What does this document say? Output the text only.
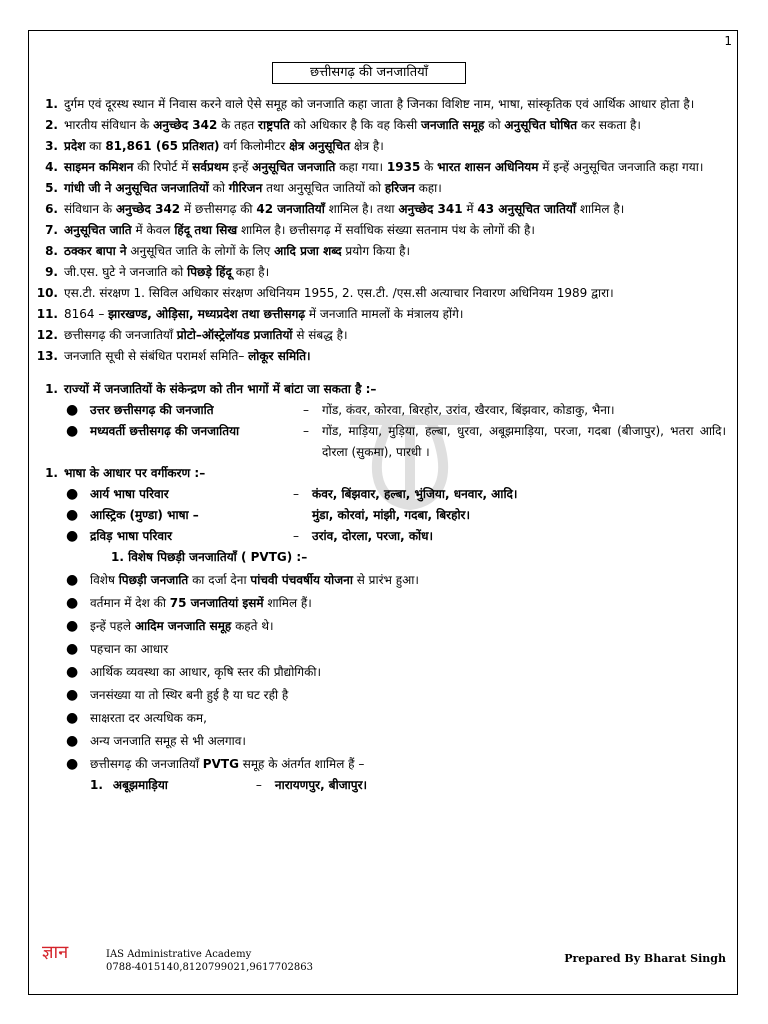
1
छत्तीसगढ़ की जनजातियाँ
1. दुर्गम एवं दूरस्थ स्थान में निवास करने वाले ऐसे समूह को जनजाति कहा जाता है जिनका विशिष्ट नाम, भाषा, सांस्कृतिक एवं आर्थिक आधार होता है।
2. भारतीय संविधान के अनुच्छेद 342 के तहत राष्ट्रपति को अधिकार है कि वह किसी जनजाति समूह को अनुसूचित घोषित कर सकता है।
3. प्रदेश का 81,861 (65 प्रतिशत) वर्ग किलोमीटर क्षेत्र अनुसूचित क्षेत्र है।
4. साइमन कमिशन की रिपोर्ट में सर्वप्रथम इन्हें अनुसूचित जनजाति कहा गया। 1935 के भारत शासन अधिनियम में इन्हें अनुसूचित जनजाति कहा गया।
5. गांधी जी ने अनुसूचित जनजातियों को गीरिजन तथा अनुसूचित जातियों को हरिजन कहा।
6. संविधान के अनुच्छेद 342 में छत्तीसगढ़ की 42 जनजातियाँ शामिल है। तथा अनुच्छेद 341 में 43 अनुसूचित जातियाँ शामिल है।
7. अनुसूचित जाति में केवल हिंदू तथा सिख शामिल है। छत्तीसगढ़ में सर्वाधिक संख्या सतनाम पंथ के लोगों की है।
8. ठक्कर बापा ने अनुसूचित जाति के लोगों के लिए आदि प्रजा शब्द प्रयोग किया है।
9. जी.एस. घुटे ने जनजाति को पिछड़े हिंदू कहा है।
10. एस.टी. संरक्षण 1. सिविल अधिकार संरक्षण अधिनियम 1955, 2. एस.टी. /एस.सी अत्याचार निवारण अधिनियम 1989 द्वारा।
11. 8164 – झारखण्ड, ओड़िसा, मध्यप्रदेश तथा छत्तीसगढ़ में जनजाति मामलों के मंत्रालय होंगे।
12. छत्तीसगढ़ की जनजातियाँ प्रोटो–ऑस्ट्रेलॉयड प्रजातियों से संबद्ध है।
13. जनजाति सूची से संबंधित परामर्श समिति– लोकूर समिति।
1. राज्यों में जनजातियों के संकेन्द्रण को तीन भागों में बांटा जा सकता है :–
● उत्तर छत्तीसगढ़ की जनजाति	–	गोंड, कंवर, कोरवा, बिरहोर, उरांव, खैरवार, बिंझवार, कोडाकु, भैना।
● मध्यवर्ती छत्तीसगढ़ की जनजातिया	–	गोंड, माड़िया, मुड़िया, हल्बा, धुरवा, अबूझमाड़िया, परजा, गदबा (बीजापुर), भतरा आदि। दोरला (सुकमा), पारधी ।
1. भाषा के आधार पर वर्गीकरण :–
● आर्य भाषा परिवार	–	कंवर, बिंझवार, हल्बा, भुंजिया, धनवार, आदि।
● आस्ट्रिक (मुण्डा) भाषा –	मुंडा, कोरवां, मांझी, गदबा, बिरहोर।
● द्रविड़ भाषा परिवार	–	उरांव, दोरला, परजा, कोंध।
1. विशेष पिछड़ी जनजातियाँ ( PVTG) :–
● विशेष पिछड़ी जनजाति का दर्जा देना पांचवी पंचवर्षीय योजना से प्रारंभ हुआ।
● वर्तमान में देश की 75 जनजातियां इसमें शामिल हैं।
● इन्हें पहले आदिम जनजाति समूह कहते थे।
● पहचान का आधार
● आर्थिक व्यवस्था का आधार, कृषि स्तर की प्रौद्योगिकी।
● जनसंख्या या तो स्थिर बनी हुई है या घट रही है
● साक्षरता दर अत्यधिक कम,
● अन्य जनजाति समूह से भी अलगाव।
● छत्तीसगढ़ की जनजातियाँ PVTG समूह के अंतर्गत शामिल हैं –
1. अबूझमाड़िया	–	नारायणपुर, बीजापुर।
ज्ञान	IAS Administrative Academy
0788-4015140,8120799021,9617702863
Prepared By Bharat Singh
